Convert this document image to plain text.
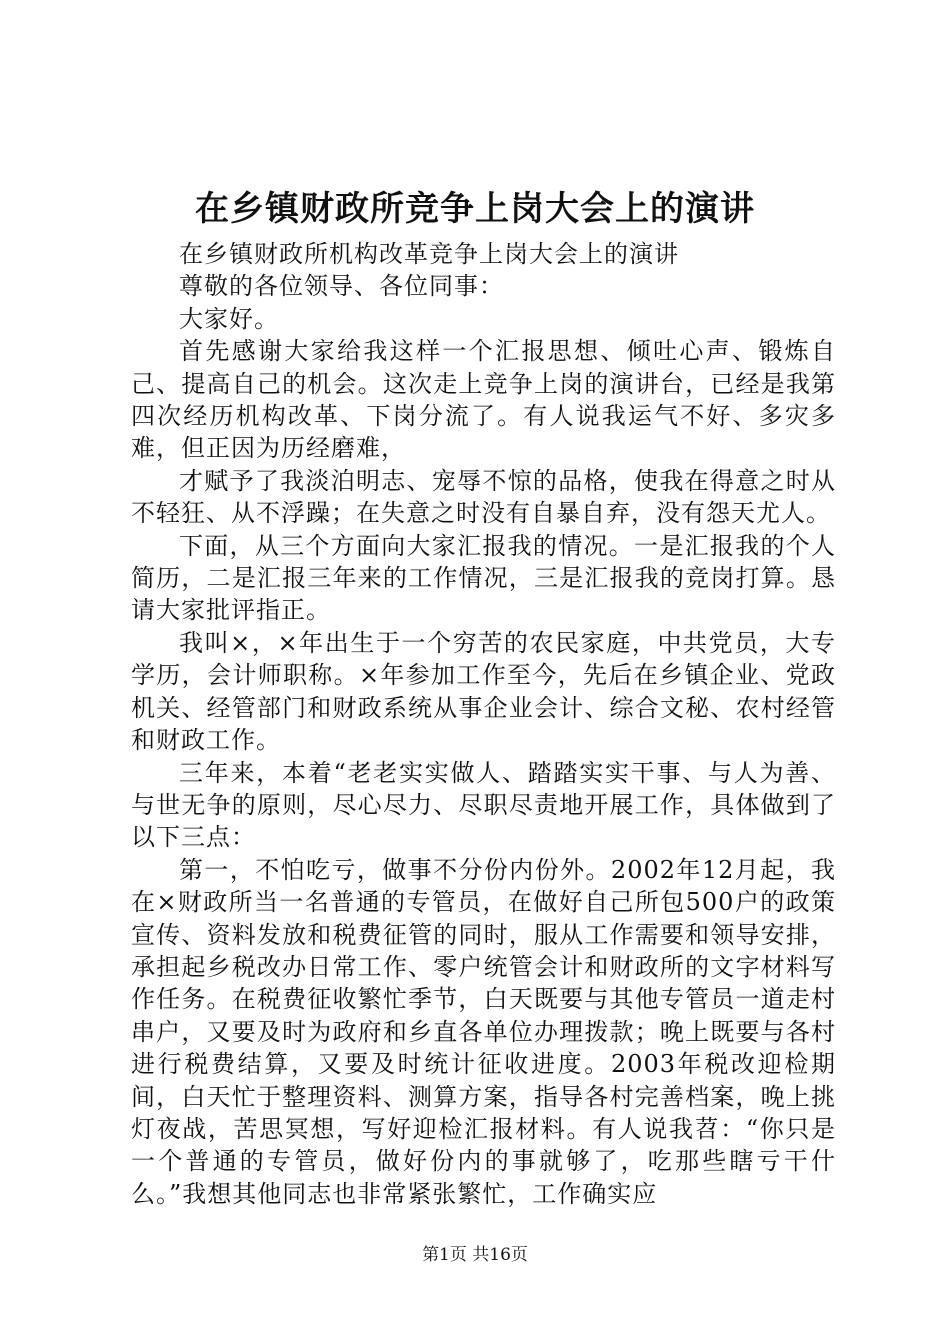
在乡镇财政所竞争上岗大会上的演讲

在乡镇财政所机构改革竞争上岗大会上的演讲

尊敬的各位领导、各位同事：

大家好。

首先感谢大家给我这样一个汇报思想、倾吐心声、锻炼自己、提高自己的机会。这次走上竞争上岗的演讲台，已经是我第四次经历机构改革、下岗分流了。有人说我运气不好、多灾多难，但正因为历经磨难，

才赋予了我淡泊明志、宠辱不惊的品格，使我在得意之时从不轻狂、从不浮躁；在失意之时没有自暴自弃，没有怨天尤人。

下面，从三个方面向大家汇报我的情况。一是汇报我的个人简历，二是汇报三年来的工作情况，三是汇报我的竞岗打算。恳请大家批评指正。

我叫×，×年出生于一个穷苦的农民家庭，中共党员，大专学历，会计师职称。×年参加工作至今，先后在乡镇企业、党政机关、经管部门和财政系统从事企业会计、综合文秘、农村经管和财政工作。

三年来，本着“老老实实做人、踏踏实实干事、与人为善、与世无争的原则，尽心尽力、尽职尽责地开展工作，具体做到了以下三点：

第一，不怕吃亏，做事不分份内份外。2002年12月起，我在×财政所当一名普通的专管员，在做好自己所包500户的政策宣传、资料发放和税费征管的同时，服从工作需要和领导安排，承担起乡税改办日常工作、零户统管会计和财政所的文字材料写作任务。在税费征收繁忙季节，白天既要与其他专管员一道走村串户，又要及时为政府和乡直各单位办理拨款；晚上既要与各村进行税费结算，又要及时统计征收进度。2003年税改迎检期间，白天忙于整理资料、测算方案，指导各村完善档案，晚上挑灯夜战，苦思冥想，写好迎检汇报材料。有人说我苕：“你只是一个普通的专管员，做好份内的事就够了，吃那些瞎亏干什么。”我想其他同志也非常紧张繁忙，工作确实应

第1页 共16页
